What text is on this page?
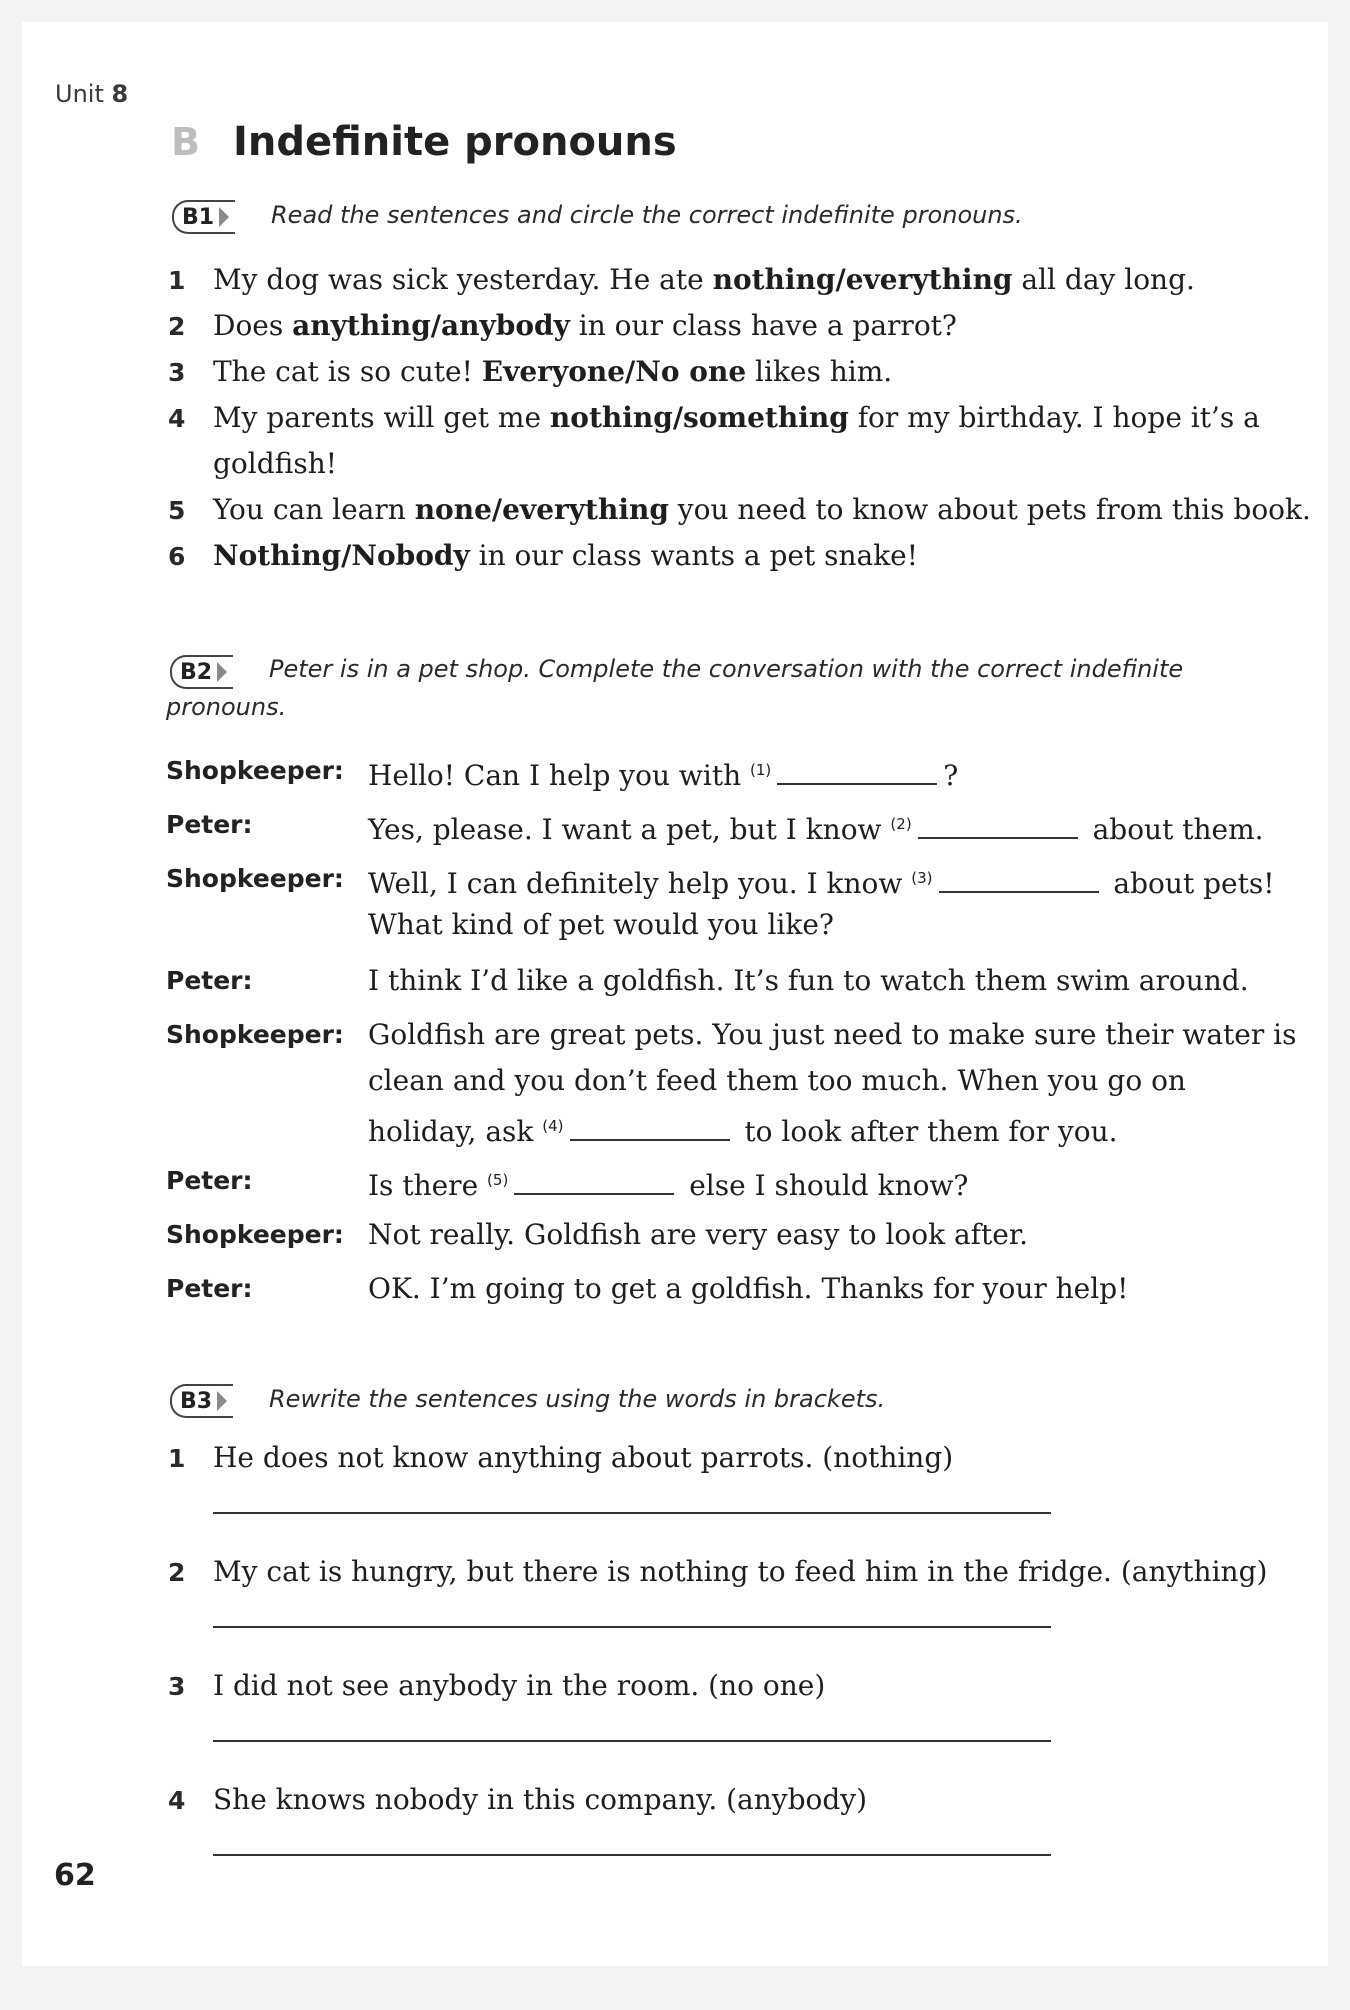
Unit 8
B Indefinite pronouns
B1 Read the sentences and circle the correct indefinite pronouns.
1 My dog was sick yesterday. He ate nothing/everything all day long.
2 Does anything/anybody in our class have a parrot?
3 The cat is so cute! Everyone/No one likes him.
4 My parents will get me nothing/something for my birthday. I hope it’s a
goldfish!
5 You can learn none/everything you need to know about pets from this book.
6 Nothing/Nobody in our class wants a pet snake!
B2 Peter is in a pet shop. Complete the conversation with the correct indefinite
pronouns.
Shopkeeper: Hello! Can I help you with $^{(1)}$	?
Peter:	Yes, please. I want a pet, but I know $^{(2)}$	about them.
Shopkeeper: Well, I can definitely help you. I know $^{(3)}$	about pets!
What kind of pet would you like?
Peter:	I think I’d like a goldfish. It’s fun to watch them swim around.
Shopkeeper: Goldfish are great pets. You just need to make sure their water is
clean and you don’t feed them too much. When you go on
holiday, ask $^{(4)}$	to look after them for you.
Peter:	Is there $^{(5)}$	else I should know?
Shopkeeper: Not really. Goldfish are very easy to look after.
Peter:	OK. I’m going to get a goldfish. Thanks for your help!
B3 Rewrite the sentences using the words in brackets.
1 He does not know anything about parrots. (nothing)
2 My cat is hungry, but there is nothing to feed him in the fridge. (anything)
3 I did not see anybody in the room. (no one)
4 She knows nobody in this company. (anybody)
62
